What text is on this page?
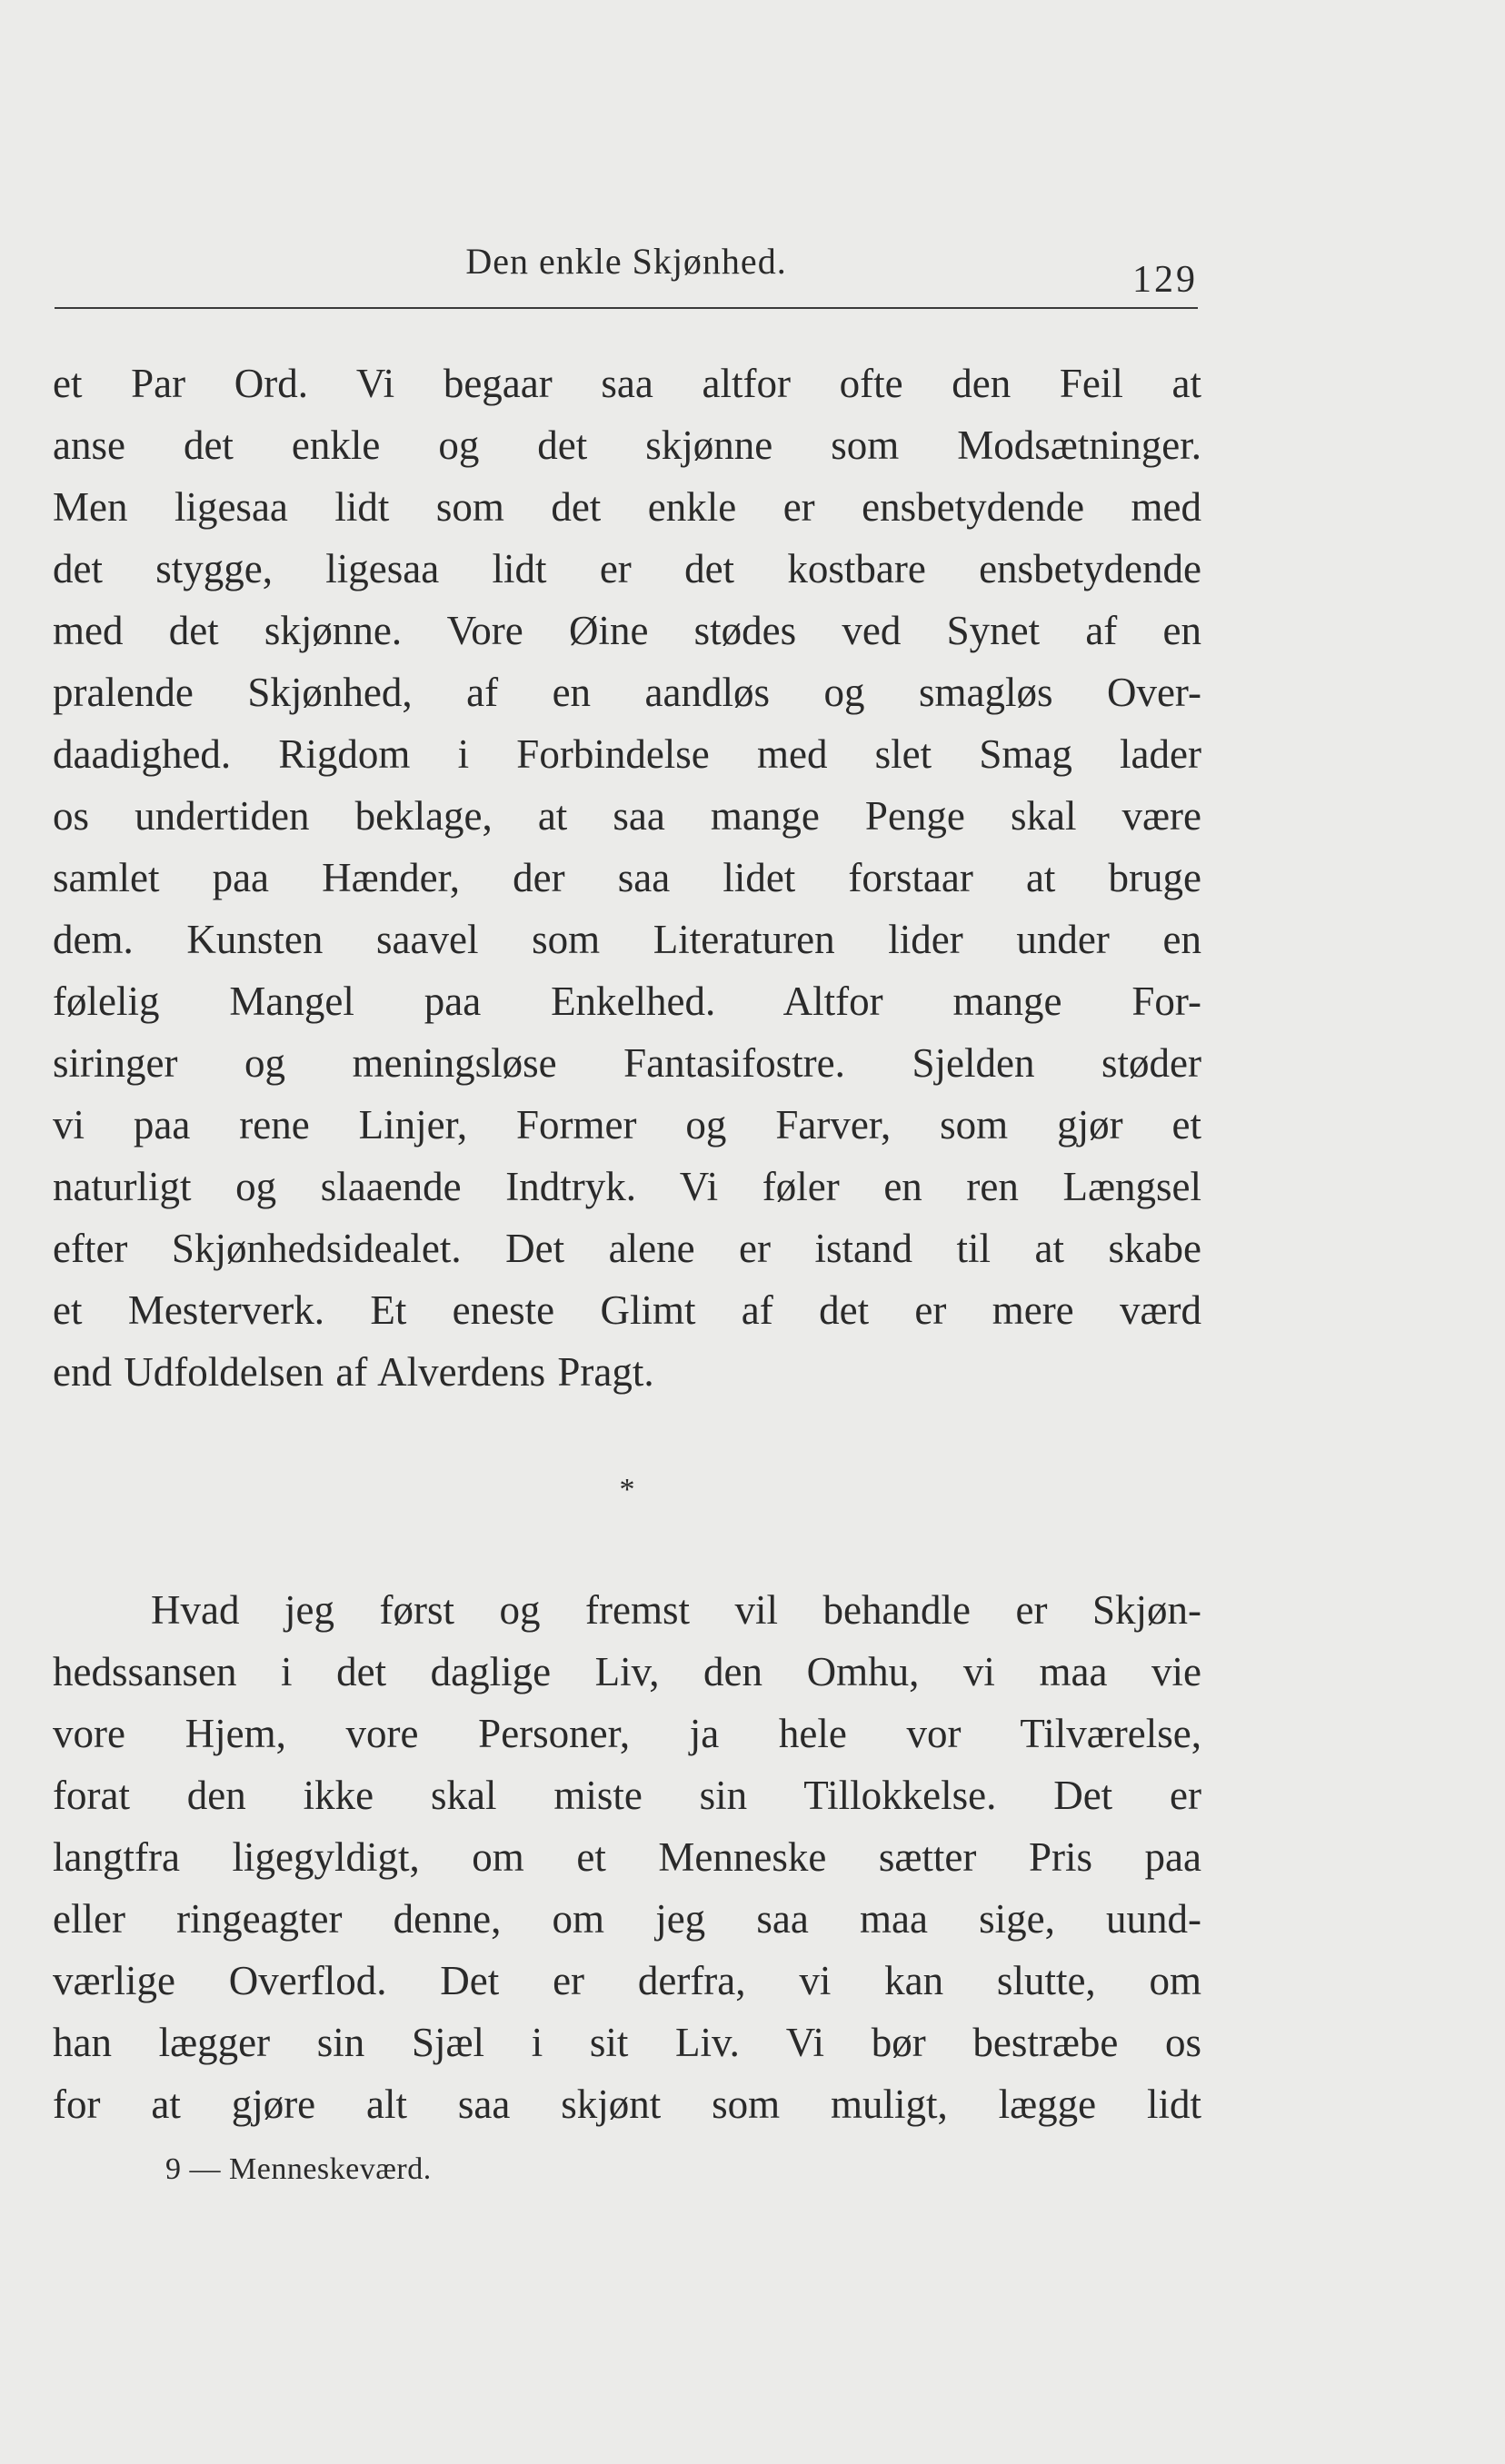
Den enkle Skjønhed.	129
et Par Ord. Vi begaar saa altfor ofte den Feil at
anse det enkle og det skjønne som Modsætninger.
Men ligesaa lidt som det enkle er ensbetydende med
det stygge, ligesaa lidt er det kostbare ensbetydende
med det skjønne. Vore Øine stødes ved Synet af en
pralende Skjønhed, af en aandløs og smagløs Over-
daadighed. Rigdom i Forbindelse med slet Smag lader
os undertiden beklage, at saa mange Penge skal være
samlet paa Hænder, der saa lidet forstaar at bruge
dem. Kunsten saavel som Literaturen lider under en
følelig Mangel paa Enkelhed. Altfor mange For-
siringer og meningsløse Fantasifostre. Sjelden støder
vi paa rene Linjer, Former og Farver, som gjør et
naturligt og slaaende Indtryk. Vi føler en ren Længsel
efter Skjønhedsidealet. Det alene er istand til at skabe
et Mesterverk. Et eneste Glimt af det er mere værd
end Udfoldelsen af Alverdens Pragt.
*
Hvad jeg først og fremst vil behandle er Skjøn-
hedssansen i det daglige Liv, den Omhu, vi maa vie
vore Hjem, vore Personer, ja hele vor Tilværelse,
forat den ikke skal miste sin Tillokkelse. Det er
langtfra ligegyldigt, om et Menneske sætter Pris paa
eller ringeagter denne, om jeg saa maa sige, uund-
værlige Overflod. Det er derfra, vi kan slutte, om
han lægger sin Sjæl i sit Liv. Vi bør bestræbe os
for at gjøre alt saa skjønt som muligt, lægge lidt
9 — Menneskeværd.
